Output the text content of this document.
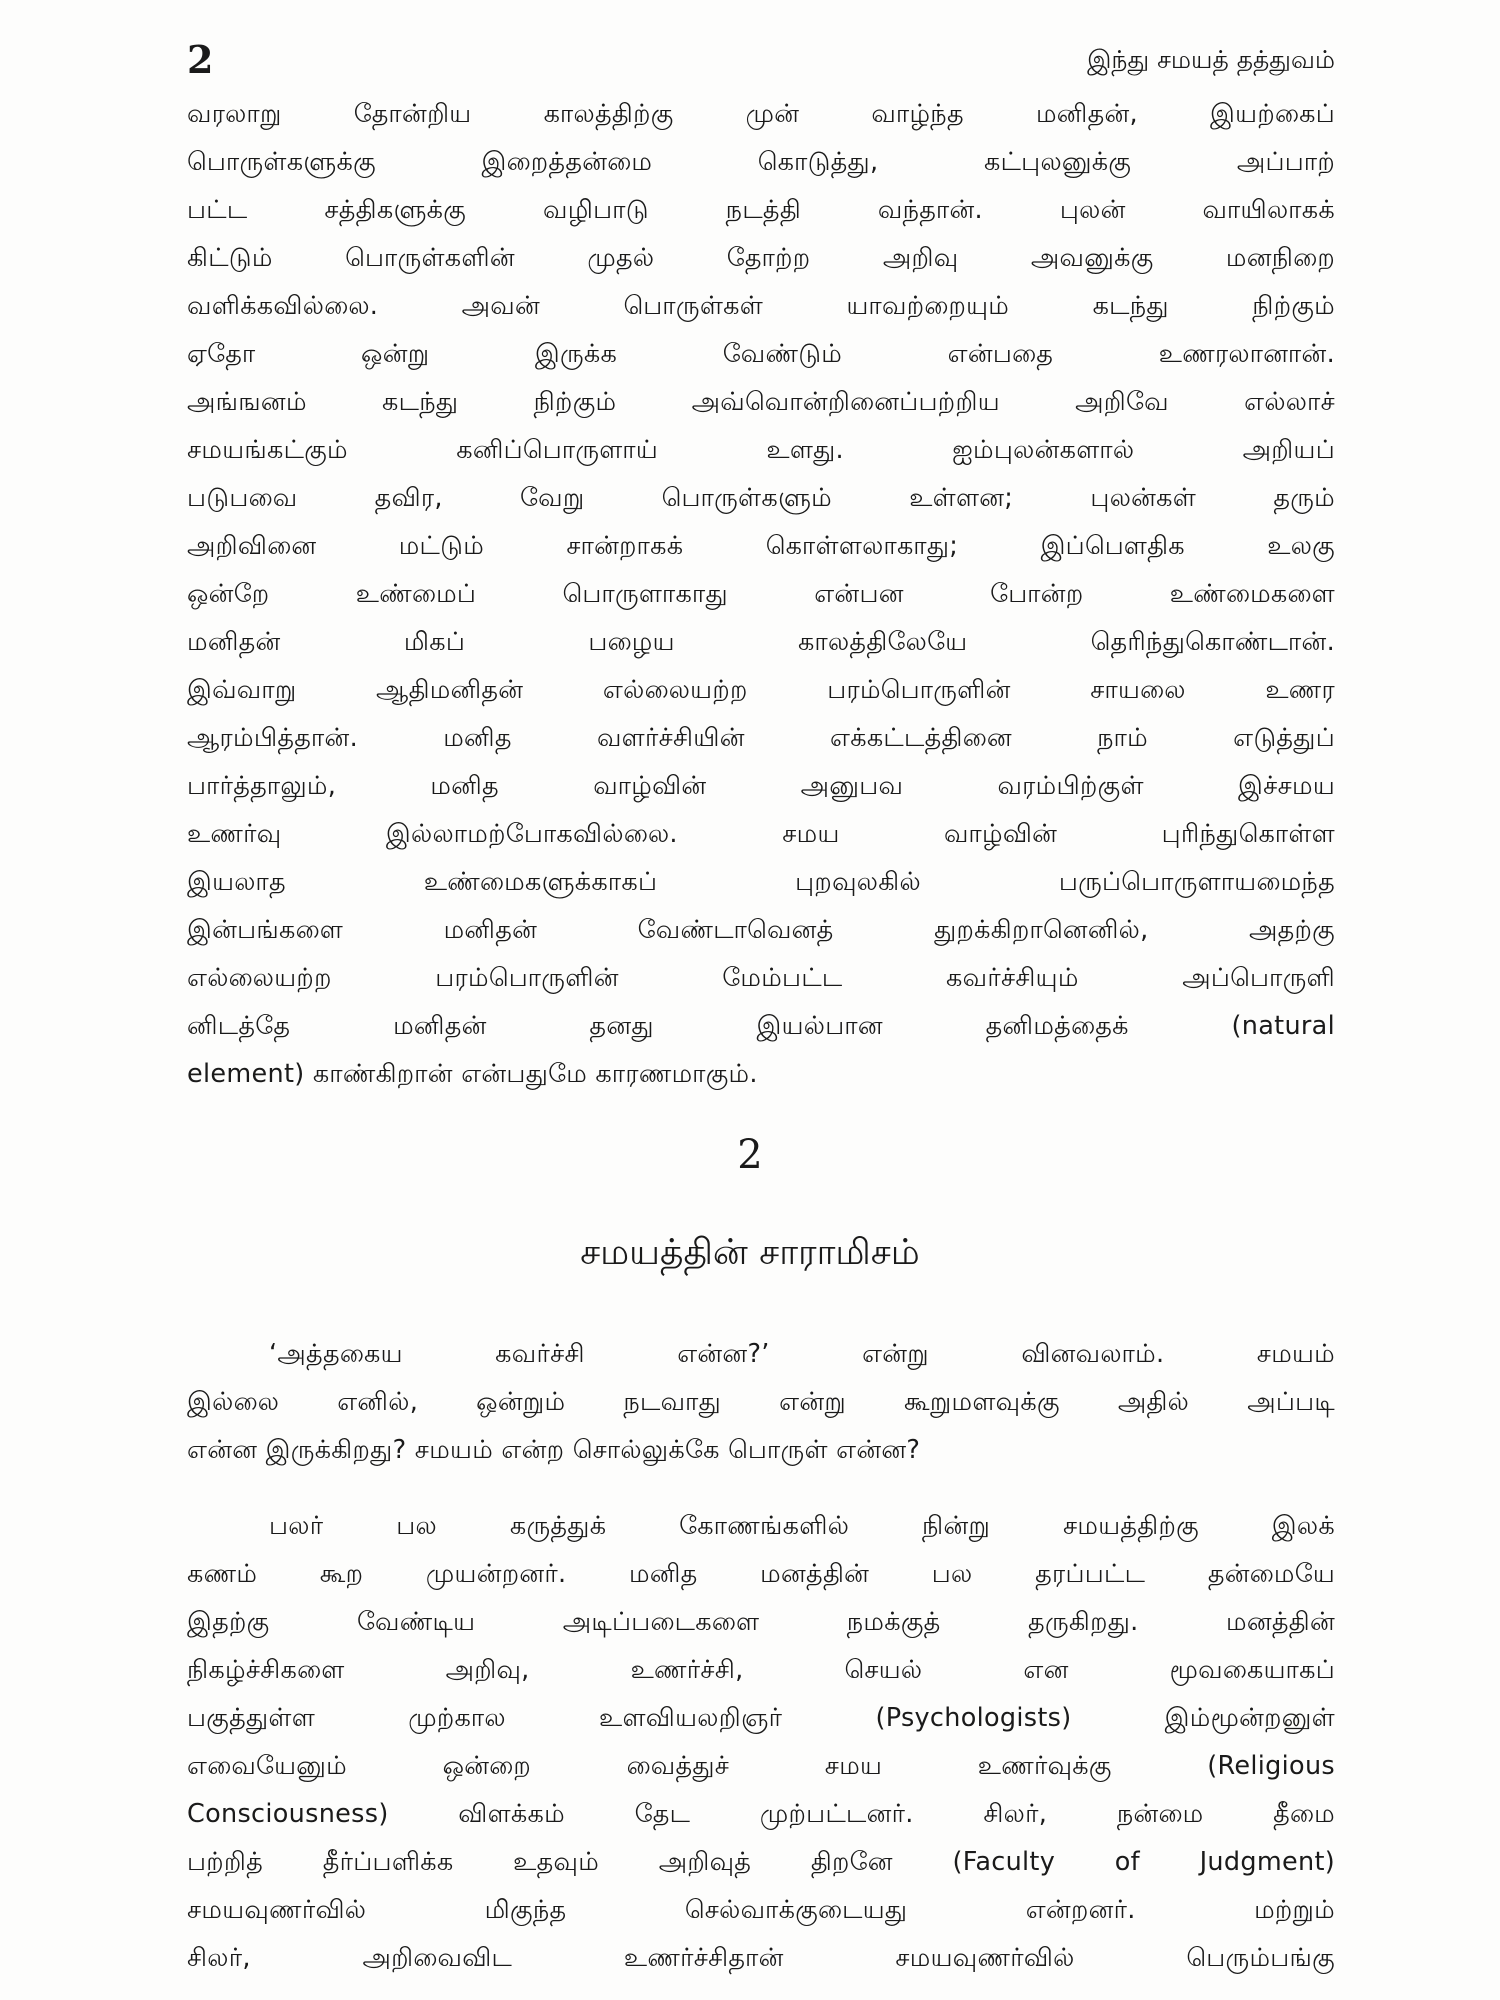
2	இந்து சமயத் தத்துவம்
வரலாறு தோன்றிய காலத்திற்கு முன் வாழ்ந்த மனிதன், இயற்கைப்
பொருள்களுக்கு இறைத்தன்மை கொடுத்து, கட்புலனுக்கு அப்பாற்
பட்ட சத்திகளுக்கு வழிபாடு நடத்தி வந்தான். புலன் வாயிலாகக்
கிட்டும் பொருள்களின் முதல் தோற்ற அறிவு அவனுக்கு மனநிறை
வளிக்கவில்லை. அவன் பொருள்கள் யாவற்றையும் கடந்து நிற்கும்
ஏதோ ஒன்று இருக்க வேண்டும் என்பதை உணரலானான்.
அங்ஙனம் கடந்து நிற்கும் அவ்வொன்றினைப்பற்றிய அறிவே எல்லாச்
சமயங்கட்கும் கனிப்பொருளாய் உளது. ஐம்புலன்களால் அறியப்
படுபவை தவிர, வேறு பொருள்களும் உள்ளன; புலன்கள் தரும்
அறிவினை மட்டும் சான்றாகக் கொள்ளலாகாது; இப்பௌதிக உலகு
ஒன்றே உண்மைப் பொருளாகாது என்பன போன்ற உண்மைகளை
மனிதன் மிகப் பழைய காலத்திலேயே தெரிந்துகொண்டான்.
இவ்வாறு ஆதிமனிதன் எல்லையற்ற பரம்பொருளின் சாயலை உணர
ஆரம்பித்தான். மனித வளர்ச்சியின் எக்கட்டத்தினை நாம் எடுத்துப்
பார்த்தாலும், மனித வாழ்வின் அனுபவ வரம்பிற்குள் இச்சமய
உணர்வு இல்லாமற்போகவில்லை. சமய வாழ்வின் புரிந்துகொள்ள
இயலாத உண்மைகளுக்காகப் புறவுலகில் பருப்பொருளாயமைந்த
இன்பங்களை மனிதன் வேண்டாவெனத் துறக்கிறானெனில், அதற்கு
எல்லையற்ற பரம்பொருளின் மேம்பட்ட கவர்ச்சியும் அப்பொருளி
னிடத்தே மனிதன் தனது இயல்பான தனிமத்தைக் (natural
element) காண்கிறான் என்பதுமே காரணமாகும்.
2
சமயத்தின் சாராமிசம்
‘அத்தகைய கவர்ச்சி என்ன?’ என்று வினவலாம். சமயம்
இல்லை எனில், ஒன்றும் நடவாது என்று கூறுமளவுக்கு அதில் அப்படி
என்ன இருக்கிறது? சமயம் என்ற சொல்லுக்கே பொருள் என்ன?
பலர் பல கருத்துக் கோணங்களில் நின்று சமயத்திற்கு இலக்
கணம் கூற முயன்றனர். மனித மனத்தின் பல தரப்பட்ட தன்மையே
இதற்கு வேண்டிய அடிப்படைகளை நமக்குத் தருகிறது. மனத்தின்
நிகழ்ச்சிகளை அறிவு, உணர்ச்சி, செயல் என மூவகையாகப்
பகுத்துள்ள முற்கால உளவியலறிஞர் (Psychologists) இம்மூன்றனுள்
எவையேனும் ஒன்றை வைத்துச் சமய உணர்வுக்கு (Religious
Consciousness) விளக்கம் தேட முற்பட்டனர். சிலர், நன்மை தீமை
பற்றித் தீர்ப்பளிக்க உதவும் அறிவுத் திறனே (Faculty of Judgment)
சமயவுணர்வில் மிகுந்த செல்வாக்குடையது என்றனர். மற்றும்
சிலர், அறிவைவிட உணர்ச்சிதான் சமயவுணர்வில் பெரும்பங்கு
